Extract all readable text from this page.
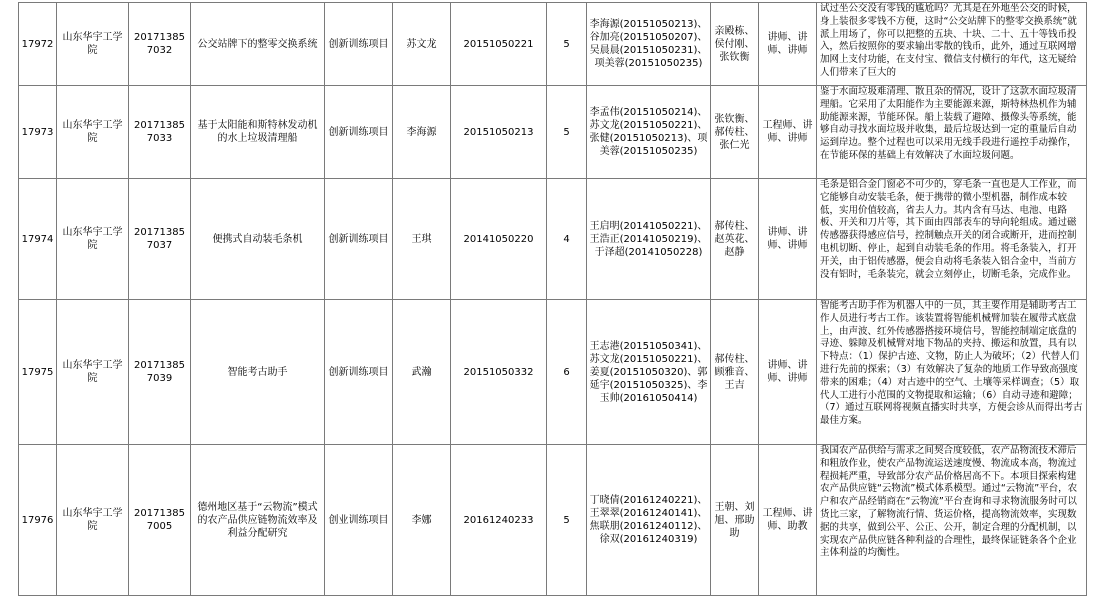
17972	山东华宇工学院	201713857032	公交站牌下的整零交换系统	创新训练项目	苏文龙	20151050221	5	李海源(20151050213)、谷加亮(20151050207)、吴晨晨(20151050231)、项美蓉(20151050235)	亲殿栋、侯付刚、张钦衡	讲师、讲师、讲师	试过坐公交没有零钱的尴尬吗？尤其是在外地坐公交的时候，身上装很多零钱不方便，这时“公交站牌下的整零交换系统”就派上用场了，你可以把整的五块、十块、二十、五十等钱币投入，然后按照你的要求输出零散的钱币，此外，通过互联网增加网上支付功能，在支付宝、微信支付横行的年代，这无疑给人们带来了巨大的

17973	山东华宇工学院	201713857033	基于太阳能和斯特林发动机的水上垃圾清理船	创新训练项目	李海源	20151050213	5	李孟伟(20151050214)、苏文龙(20151050221)、张健(20151050213)、项美蓉(20151050235)	张钦衡、郝传柱、张仁光	工程师、讲师、讲师	鉴于水面垃圾难清理、散且杂的情况，设计了这款水面垃圾清理船。它采用了太阳能作为主要能源来源，斯特林热机作为辅助能源来源，节能环保。船上装载了避障、摄像头等系统，能够自动寻找水面垃圾并收集，最后垃圾达到一定的重量后自动运到岸边。整个过程也可以采用无线手段进行遥控手动操作，在节能环保的基础上有效解决了水面垃圾问题。

17974	山东华宇工学院	201713857037	便携式自动装毛条机	创新训练项目	王琪	20141050220	4	王启明(20141050221)、王浩正(20141050219)、于泽超(20141050228)	郝传柱、赵英花、赵静	讲师、讲师、讲师	毛条是铝合金门窗必不可少的，穿毛条一直也是人工作业，而它能够自动安装毛条，便于携带的微小型机器，制作成本较低，实用价值较高，省去人力。其内含有马达、电池、电路板、开关和刀片等，其下面由四部表车的导向轮组成。通过磁传感器获得感应信号，控制触点开关的闭合或断开，进而控制电机切断、停止，起到自动装毛条的作用。将毛条装入，打开开关，由于铝传感器，便会自动将毛条装入铝合金中，当前方没有铝时，毛条装完，就会立刻停止，切断毛条，完成作业。

17975	山东华宇工学院	201713857039	智能考古助手	创新训练项目	武瀚	20151050332	6	王志港(20151050341)、苏文龙(20151050221)、姜夏(20151050320)、郭延宇(20151050325)、李玉帅(20161050414)	郝传柱、顾雅音、王吉	讲师、讲师、讲师	智能考古助手作为机器人中的一员，其主要作用是辅助考古工作人员进行考古工作。该装置将智能机械臂加装在履带式底盘上，由声波、红外传感器搭接环境信号，智能控制端定底盘的寻迹、躲障及机械臂对地下物品的夹持、搬运和放置，具有以下特点：（1）保护古迹、文物，防止人为破坏；（2）代替人们进行先前的探索；（3）有效解决了复杂的地质工作导致高强度带来的困难；（4）对古迹中的空气、土壤等采样调查；（5）取代人工进行小范围的文物提取和运输；（6）自动寻迹和避障；（7）通过互联网将视频直播实时共享，方便会诊从而得出考古最佳方案。

17976	山东华宇工学院	201713857005	德州地区基于“云物流”模式的农产品供应链物流效率及利益分配研究	创业训练项目	李娜	20161240233	5	丁晓倩(20161240221)、王翠翠(20161240141)、焦联朋(20161240112)、徐双(20161240319)	王朝、刘旭、邢助助	工程师、讲师、助教	我国农产品供给与需求之间契合度较低，农产品物流技术滞后和粗放作业，使农产品物流运送速度慢、物流成本高，物流过程损耗严重，导致部分农产品价格居高不下。本项目探索构建农产品供应链“云物流”模式体系模型。通过“云物流”平台，农户和农产品经销商在“云物流”平台查询和寻求物流服务时可以货比三家，了解物流行情、货运价格，提高物流效率，实现数据的共享，做到公平、公正、公开，制定合理的分配机制，以实现农产品供应链各种利益的合理性，最终保证链条各个企业主体利益的均衡性。
